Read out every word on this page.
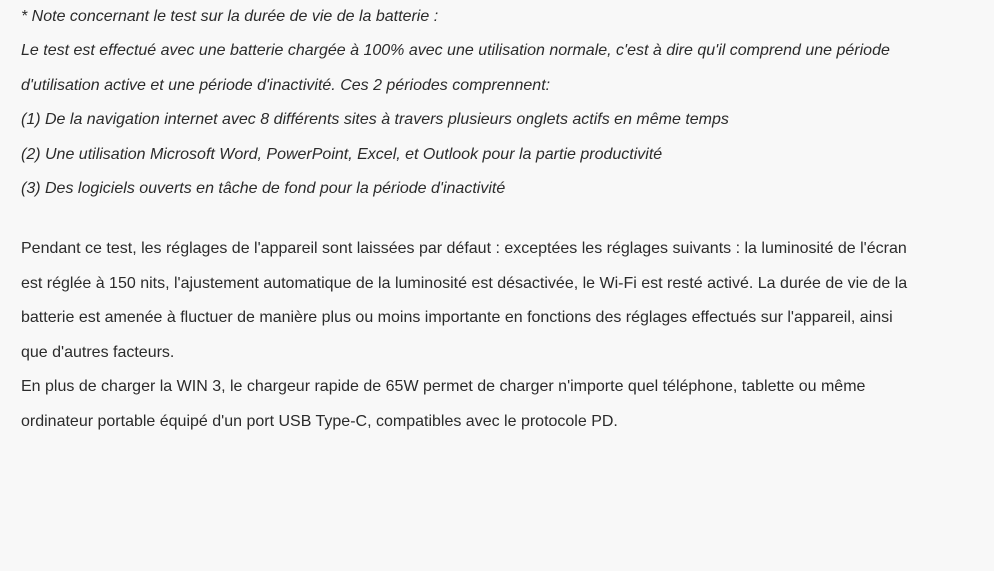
* Note concernant le test sur la durée de vie de la batterie :
Le test est effectué avec une batterie chargée à 100% avec une utilisation normale, c'est à dire qu'il comprend une période
d'utilisation active et une période d'inactivité. Ces 2 périodes comprennent:
(1) De la navigation internet avec 8 différents sites à travers plusieurs onglets actifs en même temps
(2) Une utilisation Microsoft Word, PowerPoint, Excel, et Outlook pour la partie productivité
(3) Des logiciels ouverts en tâche de fond pour la période d'inactivité

Pendant ce test, les réglages de l'appareil sont laissées par défaut : exceptées les réglages suivants : la luminosité de l'écran
est réglée à 150 nits, l'ajustement automatique de la luminosité est désactivée, le Wi-Fi est resté activé. La durée de vie de la
batterie est amenée à fluctuer de manière plus ou moins importante en fonctions des réglages effectués sur l'appareil, ainsi
que d'autres facteurs.

En plus de charger la WIN 3, le chargeur rapide de 65W permet de charger n'importe quel téléphone, tablette ou même
ordinateur portable équipé d'un port USB Type-C, compatibles avec le protocole PD.
